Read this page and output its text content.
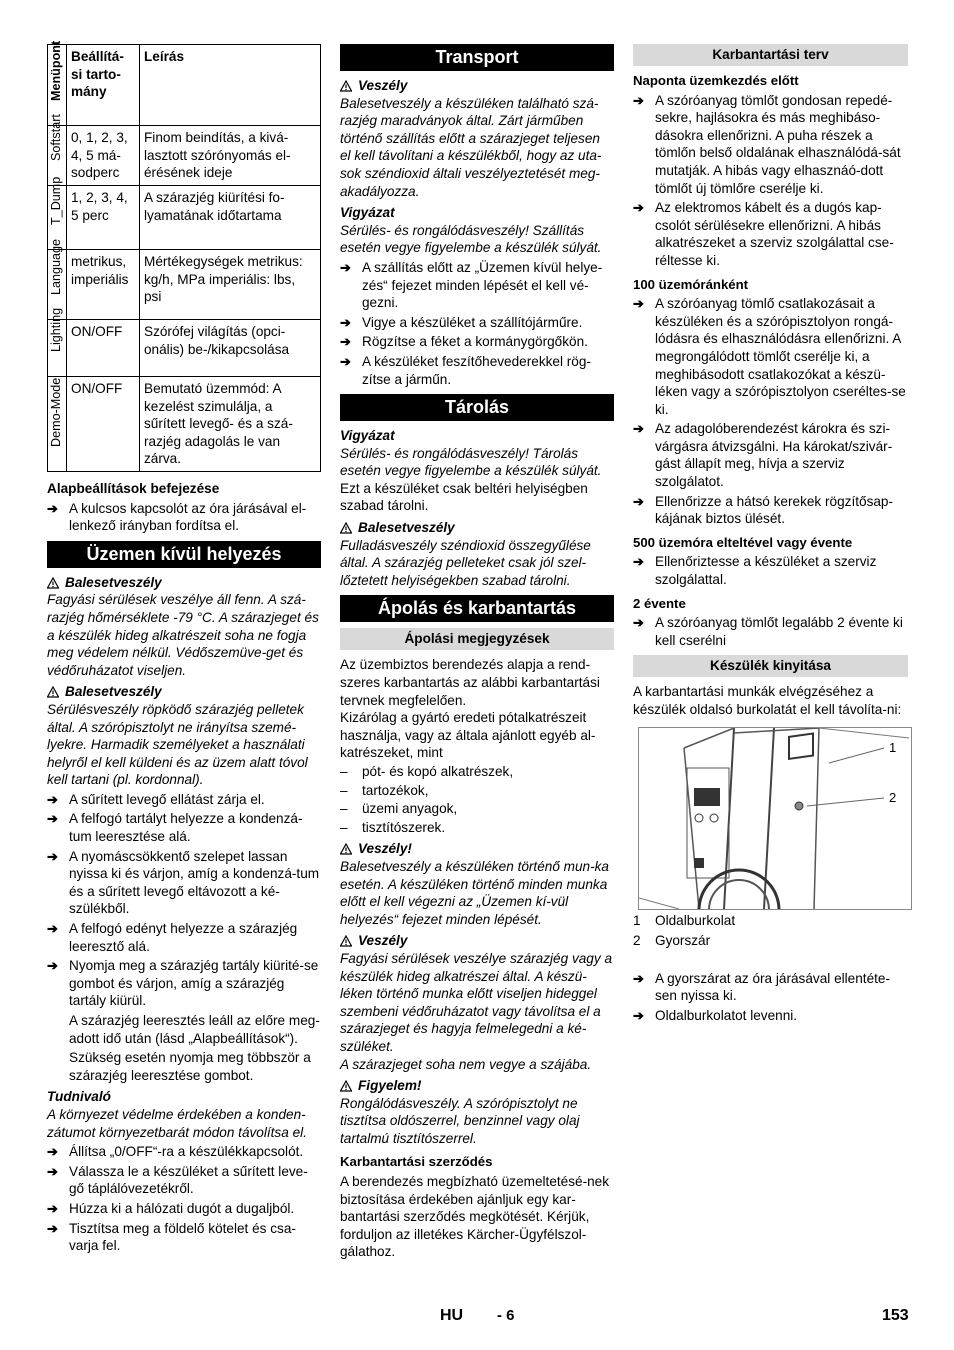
Menüpont	Beállítá-si tarto-mány	Leírás

Softstart	0, 1, 2, 3, 4, 5 má-sodperc	Finom beindítás, a kivá-lasztott szórónyomás el-érésének ideje

T_Dump	1, 2, 3, 4, 5 perc	A szárazjég kiürítési fo-lyamatának időtartama

Language	metrikus, imperiális	Mértékegységek metrikus: kg/h, MPa imperiális: lbs, psi

Lighting	ON/OFF	Szórófej világítás (opci-onális) be-/kikapcsolása

Demo-Mode	ON/OFF	Bemutató üzemmód: A kezelést szimulálja, a sűrített levegő- és a szá-razjég adagolás le van zárva.

Alapbeállítások befejezése

➔ A kulcsos kapcsolót az óra járásával el-lenkező irányban fordítsa el.
Üzemen kívül helyezés
Balesetveszély

Fagyási sérülések veszélye áll fenn. A szá-razjég hőmérséklete -79 °C. A szárazjeget és a készülék hideg alkatrészeit soha ne fogja meg védelem nélkül. Védőszemüve-get és védőruházatot viseljen.

Balesetveszély

Sérülésveszély röpködő szárazjég pelletek által. A szórópisztolyt ne irányítsa szemé-lyekre. Harmadik személyeket a használati helyről el kell küldeni és az üzem alatt tóvol kell tartani (pl. kordonnal).

➔ A sűrített levegő ellátást zárja el.
➔ A felfogó tartályt helyezze a kondenzá-tum leeresztése alá.
➔ A nyomáscsökkentő szelepet lassan nyissa ki és várjon, amíg a kondenzá-tum és a sűrített levegő eltávozott a ké-szülékből.
➔ A felfogó edényt helyezze a szárazjég leeresztő alá.
➔ Nyomja meg a szárazjég tartály kiürité-se gombot és várjon, amíg a szárazjég tartály kiürül.

A szárazjég leeresztés leáll az előre meg-adott idő után (lásd „Alapbeállítások“).

Szükség esetén nyomja meg többször a szárazjég leeresztése gombot.

Tudnivaló

A környezet védelme érdekében a konden-zátumot környezetbarát módon távolítsa el.

➔ Állítsa „0/OFF“-ra a készülékkapcsolót.
➔ Válassza le a készüléket a sűrített leve-gő táplálóvezetékről.
➔ Húzza ki a hálózati dugót a dugaljból.
➔ Tisztítsa meg a földelő kötelet és csa-varja fel.
Transport
Veszély

Balesetveszély a készüléken található szá-razjég maradványok által. Zárt járműben történő szállítás előtt a szárazjeget teljesen el kell távolítani a készülékből, hogy az uta-sok széndioxid általi veszélyeztetését meg-akadályozza.

Vigyázat

Sérülés- és rongálódásveszély! Szállítás esetén vegye figyelembe a készülék súlyát.

➔ A szállítás előtt az „Üzemen kívül helye-zés“ fejezet minden lépését el kell vé-gezni.
➔ Vigye a készüléket a szállítójárműre.
➔ Rögzítse a féket a kormánygörgőkön.
➔ A készüléket feszítőhevederekkel rög-zítse a járműn.
Tárolás

Vigyázat

Sérülés- és rongálódásveszély! Tárolás esetén vegye figyelembe a készülék súlyát.

Ezt a készüléket csak beltéri helyiségben szabad tárolni.

Balesetveszély

Fulladásveszély széndioxid összegyűlése által. A szárazjég pelleteket csak jól szel-lőztetett helyiségekben szabad tárolni.

Ápolás és karbantartás
Ápolási megjegyzések

Az üzembiztos berendezés alapja a rend-szeres karbantartás az alábbi karbantartási tervnek megfelelően.

Kizárólag a gyártó eredeti pótalkatrészeit használja, vagy az általa ajánlott egyéb al-katrészeket, mint

–	pót- és kopó alkatrészek,
–	tartozékok,
–	üzemi anyagok,
–	tisztítószerek.
Veszély!

Balesetveszély a készüléken történő mun-ka esetén. A készüléken történő minden munka előtt el kell végezni az „Üzemen kí-vül helyezés“ fejezet minden lépését.

Veszély

Fagyási sérülések veszélye szárazjég vagy a készülék hideg alkatrészei által. A készü-léken történő munka előtt viseljen hideggel szembeni védőruházatot vagy távolítsa el a szárazjeget és hagyja felmelegedni a ké-szüléket.

A szárazjeget soha nem vegye a szájába.

Figyelem!

Rongálódásveszély. A szórópisztolyt ne tisztítsa oldószerrel, benzinnel vagy olaj tartalmú tisztítószerrel.

Karbantartási szerződés

A berendezés megbízható üzemeltetésé-nek biztosítása érdekében ajánljuk egy kar-bantartási szerződés megkötését. Kérjük, forduljon az illetékes Kärcher-Ügyfélszol-gálathoz.

Karbantartási terv
Naponta üzemkezdés előtt
➔ A szóróanyag tömlőt gondosan repedé-sekre, hajlásokra és más meghibáso-dásokra ellenőrizni. A puha részek a tömlőn belső oldalának elhasználódá-sát mutatják. A hibás vagy elhasznáó-dott tömlőt új tömlőre cserélje ki.
➔ Az elektromos kábelt és a dugós kap-csolót sérülésekre ellenőrizni. A hibás alkatrészeket a szerviz szolgálattal cse-réltesse ki.
100 üzemóránként
➔ A szóróanyag tömlő csatlakozásait a készüléken és a szórópisztolyon rongá-lódásra és elhasználódásra ellenőrizni. A megrongálódott tömlőt cserélje ki, a meghibásodott csatlakozókat a készü-léken vagy a szórópisztolyon cseréltes-se ki.
➔ Az adagolóberendezést károkra és szi-várgásra átvizsgálni. Ha károkat/szivár-gást állapít meg, hívja a szerviz szolgálatot.
➔ Ellenőrizze a hátsó kerekek rögzítősap-kájának biztos ülését.
500 üzemóra elteltével vagy évente
➔ Ellenőriztesse a készüléket a szerviz szolgálattal.
2 évente
➔ A szóróanyag tömlőt legalább 2 évente ki kell cserélni
Készülék kinyitása

A karbantartási munkák elvégzéséhez a készülék oldalsó burkolatát el kell távolíta-ni:

1
2
1	Oldalburkolat
2	Gyorszár
➔ A gyorszárat az óra járásával ellentéte-sen nyissa ki.
➔ Oldalburkolatot levenni.
HU - 6	153
